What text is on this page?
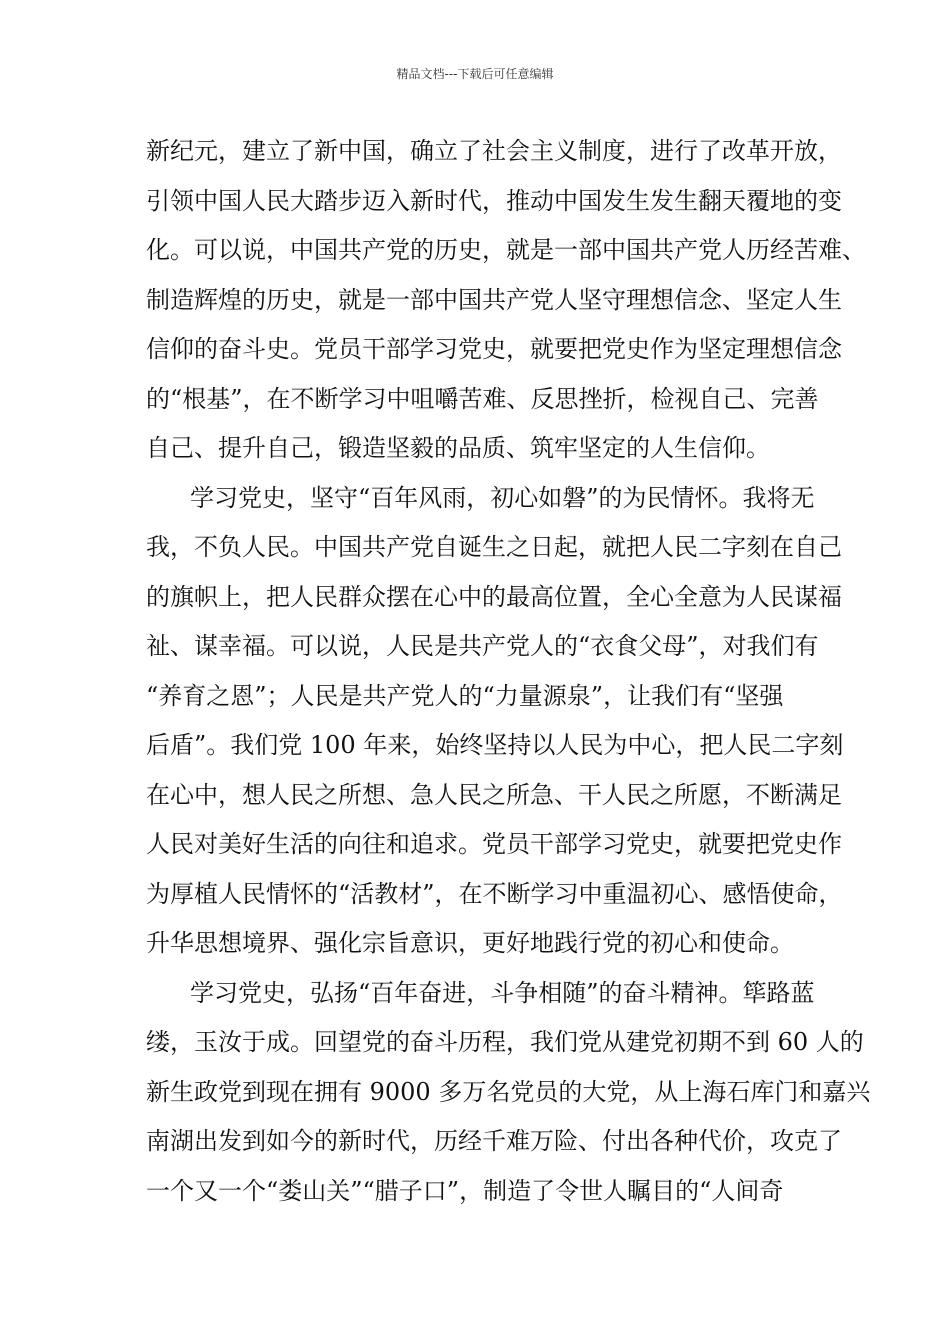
精品文档---下载后可任意编辑
新纪元，建立了新中国，确立了社会主义制度，进行了改革开放，
引领中国人民大踏步迈入新时代，推动中国发生发生翻天覆地的变
化。可以说，中国共产党的历史，就是一部中国共产党人历经苦难、
制造辉煌的历史，就是一部中国共产党人坚守理想信念、坚定人生
信仰的奋斗史。党员干部学习党史，就要把党史作为坚定理想信念
的“根基”，在不断学习中咀嚼苦难、反思挫折，检视自己、完善
自己、提升自己，锻造坚毅的品质、筑牢坚定的人生信仰。
学习党史，坚守“百年风雨，初心如磐”的为民情怀。我将无
我，不负人民。中国共产党自诞生之日起，就把人民二字刻在自己
的旗帜上，把人民群众摆在心中的最高位置，全心全意为人民谋福
祉、谋幸福。可以说，人民是共产党人的“衣食父母”，对我们有
“养育之恩”；人民是共产党人的“力量源泉”，让我们有“坚强
后盾”。我们党 100 年来，始终坚持以人民为中心，把人民二字刻
在心中，想人民之所想、急人民之所急、干人民之所愿，不断满足
人民对美好生活的向往和追求。党员干部学习党史，就要把党史作
为厚植人民情怀的“活教材”，在不断学习中重温初心、感悟使命，
升华思想境界、强化宗旨意识，更好地践行党的初心和使命。
学习党史，弘扬“百年奋进，斗争相随”的奋斗精神。筚路蓝
缕，玉汝于成。回望党的奋斗历程，我们党从建党初期不到 60 人的
新生政党到现在拥有 9000 多万名党员的大党，从上海石库门和嘉兴
南湖出发到如今的新时代，历经千难万险、付出各种代价，攻克了
一个又一个“娄山关”“腊子口”，制造了令世人瞩目的“人间奇
